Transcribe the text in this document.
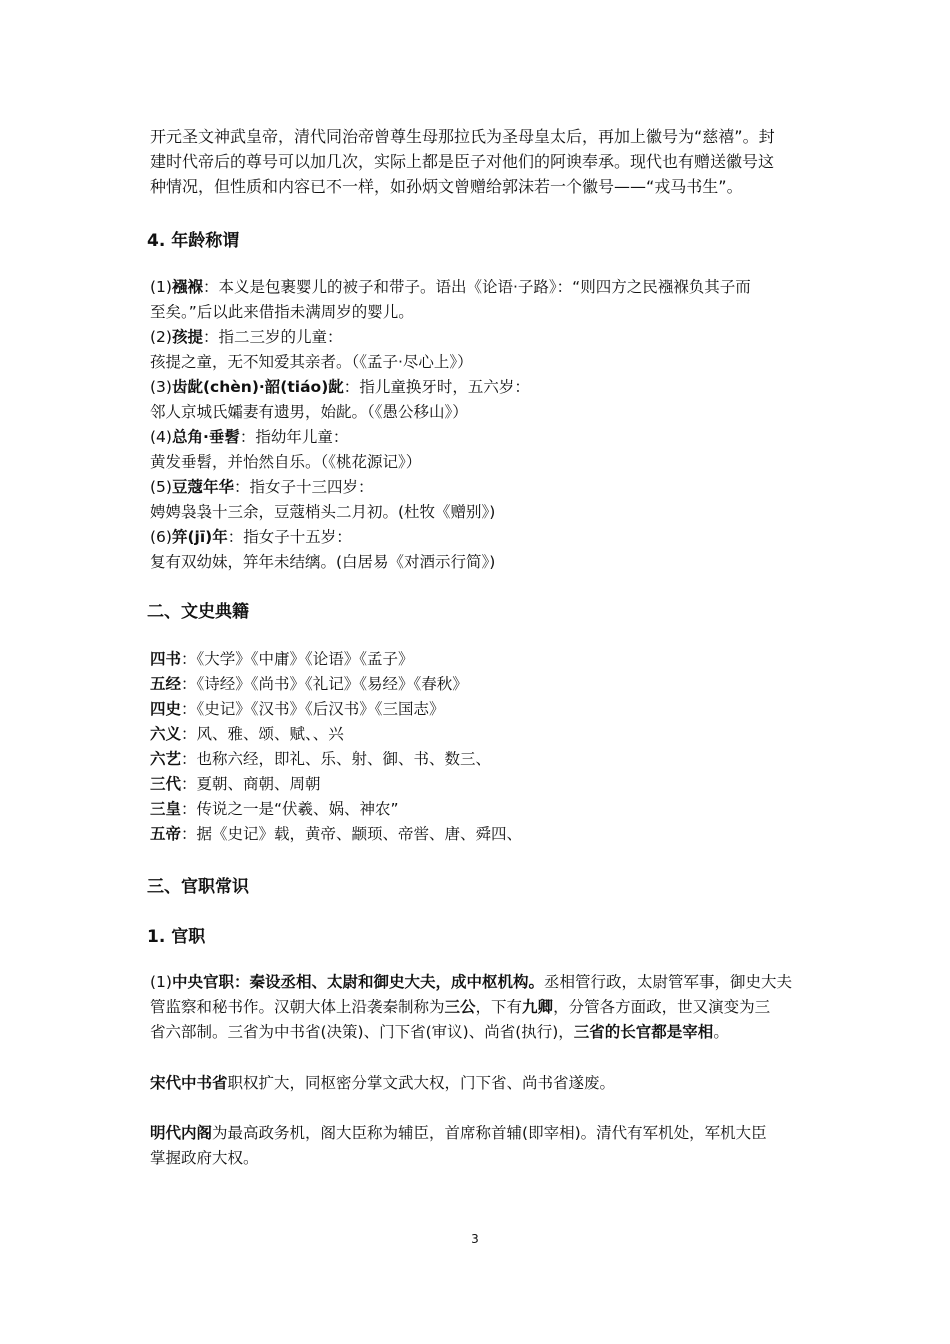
开元圣文神武皇帝，清代同治帝曾尊生母那拉氏为圣母皇太后，再加上徽号为“慈禧”。封
建时代帝后的尊号可以加几次，实际上都是臣子对他们的阿谀奉承。现代也有赠送徽号这
种情况，但性质和内容已不一样，如孙炳文曾赠给郭沫若一个徽号——“戎马书生”。
4. 年龄称谓
(1)襁褓：本义是包裹婴儿的被子和带子。语出《论语·子路》：“则四方之民襁褓负其子而
至矣。”后以此来借指未满周岁的婴儿。
(2)孩提：指二三岁的儿童：
孩提之童，无不知爱其亲者。（《孟子·尽心上》）
(3)齿龀(chèn)·韶(tiáo)龀：指儿童换牙时，五六岁：
邻人京城氏孀妻有遗男，始龀。（《愚公移山》）
(4)总角·垂髫：指幼年儿童：
黄发垂髫，并怡然自乐。（《桃花源记》）
(5)豆蔻年华：指女子十三四岁：
娉娉袅袅十三余，豆蔻梢头二月初。(杜牧《赠别》)
(6)笄(jī)年：指女子十五岁：
复有双幼妹，笄年未结缡。(白居易《对酒示行简》)
二、文史典籍
四书：《大学》《中庸》《论语》《孟子》
五经：《诗经》《尚书》《礼记》《易经》《春秋》
四史：《史记》《汉书》《后汉书》《三国志》
六义：风、雅、颂、赋、、兴
六艺：也称六经，即礼、乐、射、御、书、数三、
三代：夏朝、商朝、周朝
三皇：传说之一是“伏羲、娲、神农”
五帝：据《史记》载，黄帝、颛顼、帝喾、唐、舜四、
三、官职常识
1. 官职
(1)中央官职：秦设丞相、太尉和御史大夫，成中枢机构。丞相管行政，太尉管军事，御史大夫
管监察和秘书作。汉朝大体上沿袭秦制称为三公，下有九卿，分管各方面政，世又演变为三
省六部制。三省为中书省(决策)、门下省(审议)、尚省(执行)，三省的长官都是宰相。
宋代中书省职权扩大，同枢密分掌文武大权，门下省、尚书省遂废。
明代内阁为最高政务机，阁大臣称为辅臣，首席称首辅(即宰相)。清代有军机处，军机大臣
掌握政府大权。
3
